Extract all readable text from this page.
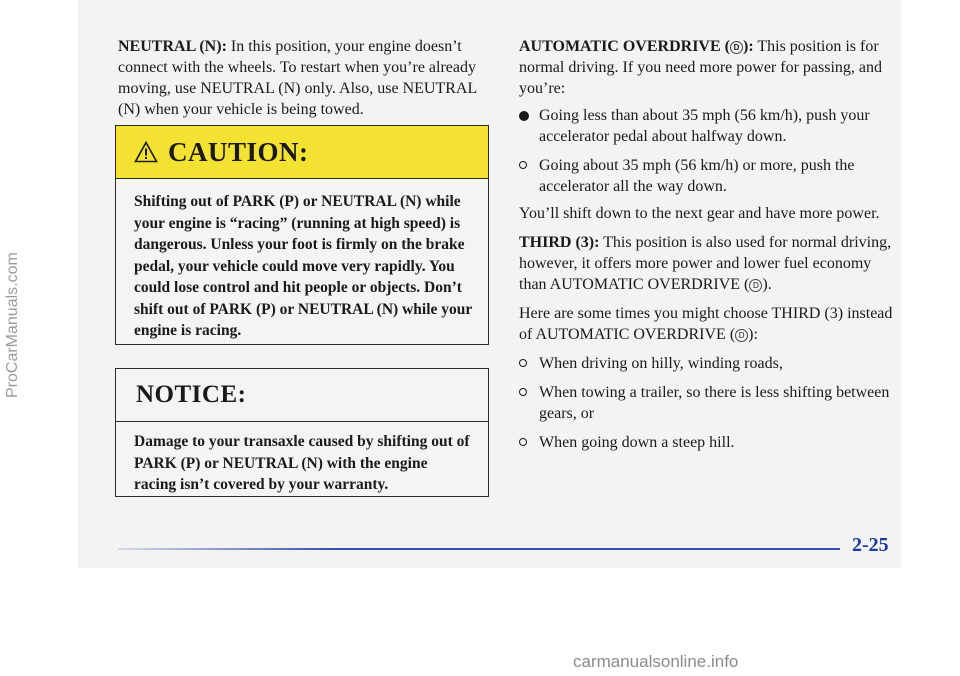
ProCarManuals.com

NEUTRAL (N): In this position, your engine doesn’t connect with the wheels. To restart when you’re already moving, use NEUTRAL (N) only. Also, use NEUTRAL (N) when your vehicle is being towed.

CAUTION:
Shifting out of PARK (P) or NEUTRAL (N) while your engine is “racing” (running at high speed) is dangerous. Unless your foot is firmly on the brake pedal, your vehicle could move very rapidly. You could lose control and hit people or objects. Don’t shift out of PARK (P) or NEUTRAL (N) while your engine is racing.
NOTICE:
Damage to your transaxle caused by shifting out of PARK (P) or NEUTRAL (N) with the engine racing isn’t covered by your warranty.

AUTOMATIC OVERDRIVE ( D ): This position is for normal driving. If you need more power for passing, and you’re:

Going less than about 35 mph (56 km/h), push your accelerator pedal about halfway down.
Going about 35 mph (56 km/h) or more, push the accelerator all the way down.

You’ll shift down to the next gear and have more power.

THIRD (3): This position is also used for normal driving, however, it offers more power and lower fuel economy than AUTOMATIC OVERDRIVE ( D ).

Here are some times you might choose THIRD (3) instead of AUTOMATIC OVERDRIVE ( D ):

When driving on hilly, winding roads,
When towing a trailer, so there is less shifting between gears, or
When going down a steep hill.
2-25
carmanualsonline.info
